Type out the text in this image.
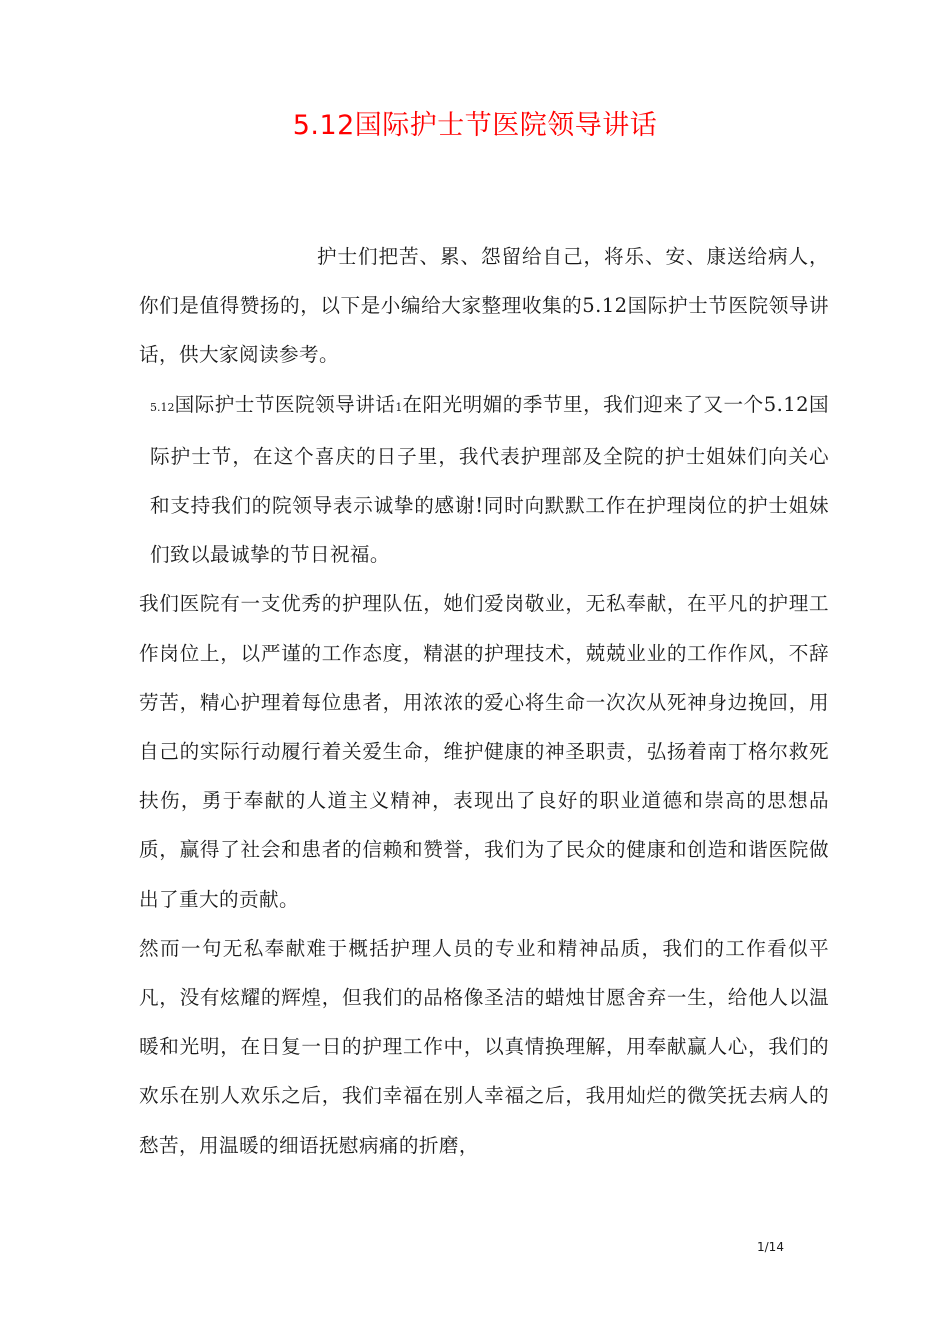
5.12国际护士节医院领导讲话

护士们把苦、累、怨留给自己，将乐、安、康送给病人，你们是值得赞扬的，以下是小编给大家整理收集的5.12国际护士节医院领导讲话，供大家阅读参考。

5.12国际护士节医院领导讲话1在阳光明媚的季节里，我们迎来了又一个5.12国际护士节，在这个喜庆的日子里，我代表护理部及全院的护士姐妹们向关心和支持我们的院领导表示诚挚的感谢!同时向默默工作在护理岗位的护士姐妹们致以最诚挚的节日祝福。

我们医院有一支优秀的护理队伍，她们爱岗敬业，无私奉献，在平凡的护理工作岗位上，以严谨的工作态度，精湛的护理技术，兢兢业业的工作作风，不辞劳苦，精心护理着每位患者，用浓浓的爱心将生命一次次从死神身边挽回，用自己的实际行动履行着关爱生命，维护健康的神圣职责，弘扬着南丁格尔救死扶伤，勇于奉献的人道主义精神，表现出了良好的职业道德和崇高的思想品质，赢得了社会和患者的信赖和赞誉，我们为了民众的健康和创造和谐医院做出了重大的贡献。

然而一句无私奉献难于概括护理人员的专业和精神品质，我们的工作看似平凡，没有炫耀的辉煌，但我们的品格像圣洁的蜡烛甘愿舍弃一生，给他人以温暖和光明，在日复一日的护理工作中，以真情换理解，用奉献赢人心，我们的欢乐在别人欢乐之后，我们幸福在别人幸福之后，我用灿烂的微笑抚去病人的愁苦，用温暖的细语抚慰病痛的折磨，

1/14
